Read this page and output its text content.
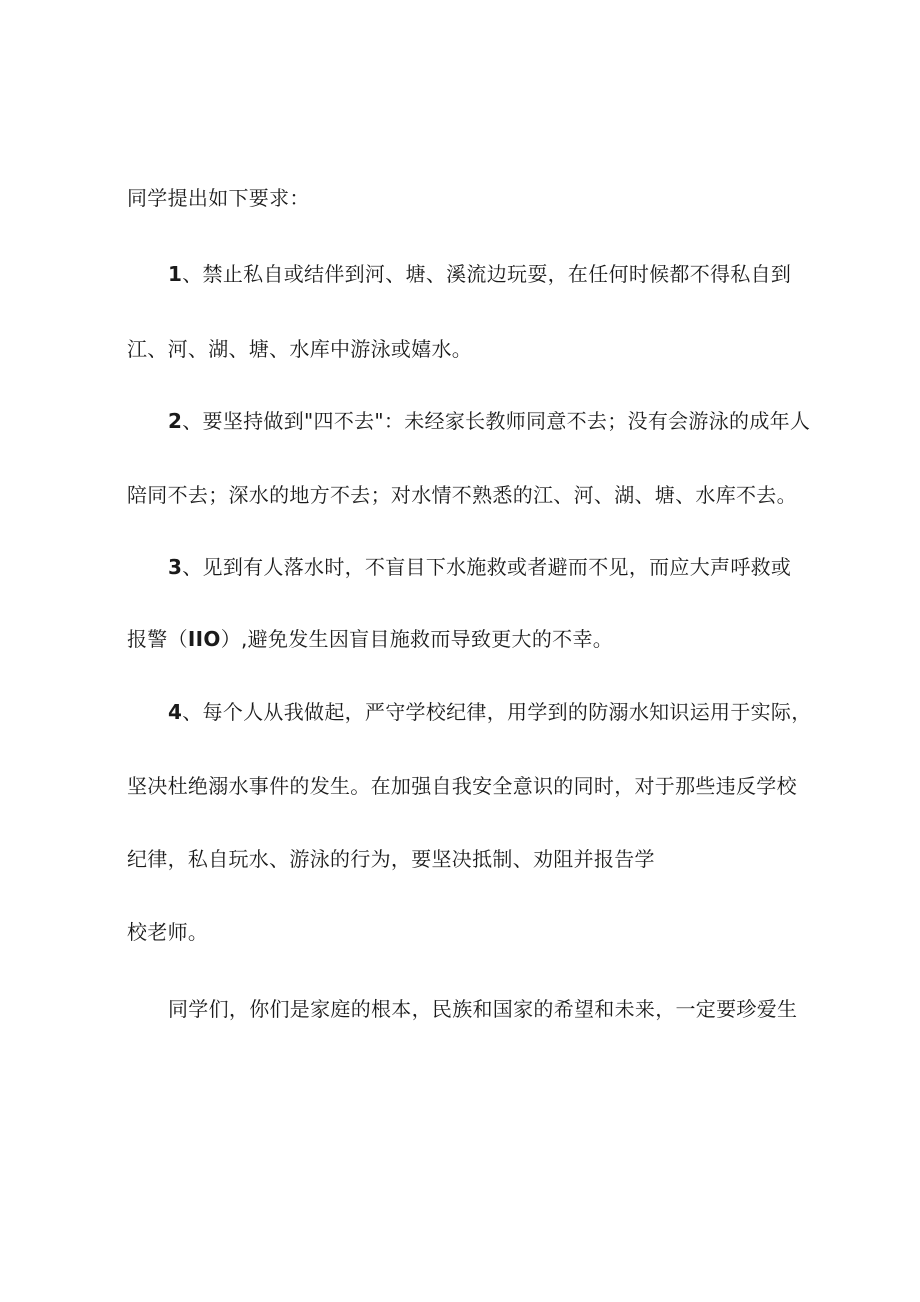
同学提出如下要求：

1、禁止私自或结伴到河、塘、溪流边玩耍，在任何时候都不得私自到

江、河、湖、塘、水库中游泳或嬉水。

2、要坚持做到"四不去"：未经家长教师同意不去；没有会游泳的成年人

陪同不去；深水的地方不去；对水情不熟悉的江、河、湖、塘、水库不去。

3、见到有人落水时，不盲目下水施救或者避而不见，而应大声呼救或

报警（IIO）,避免发生因盲目施救而导致更大的不幸。

4、每个人从我做起，严守学校纪律，用学到的防溺水知识运用于实际，

坚决杜绝溺水事件的发生。在加强自我安全意识的同时，对于那些违反学校

纪律，私自玩水、游泳的行为，要坚决抵制、劝阻并报告学

校老师。

同学们，你们是家庭的根本，民族和国家的希望和未来，一定要珍爱生
